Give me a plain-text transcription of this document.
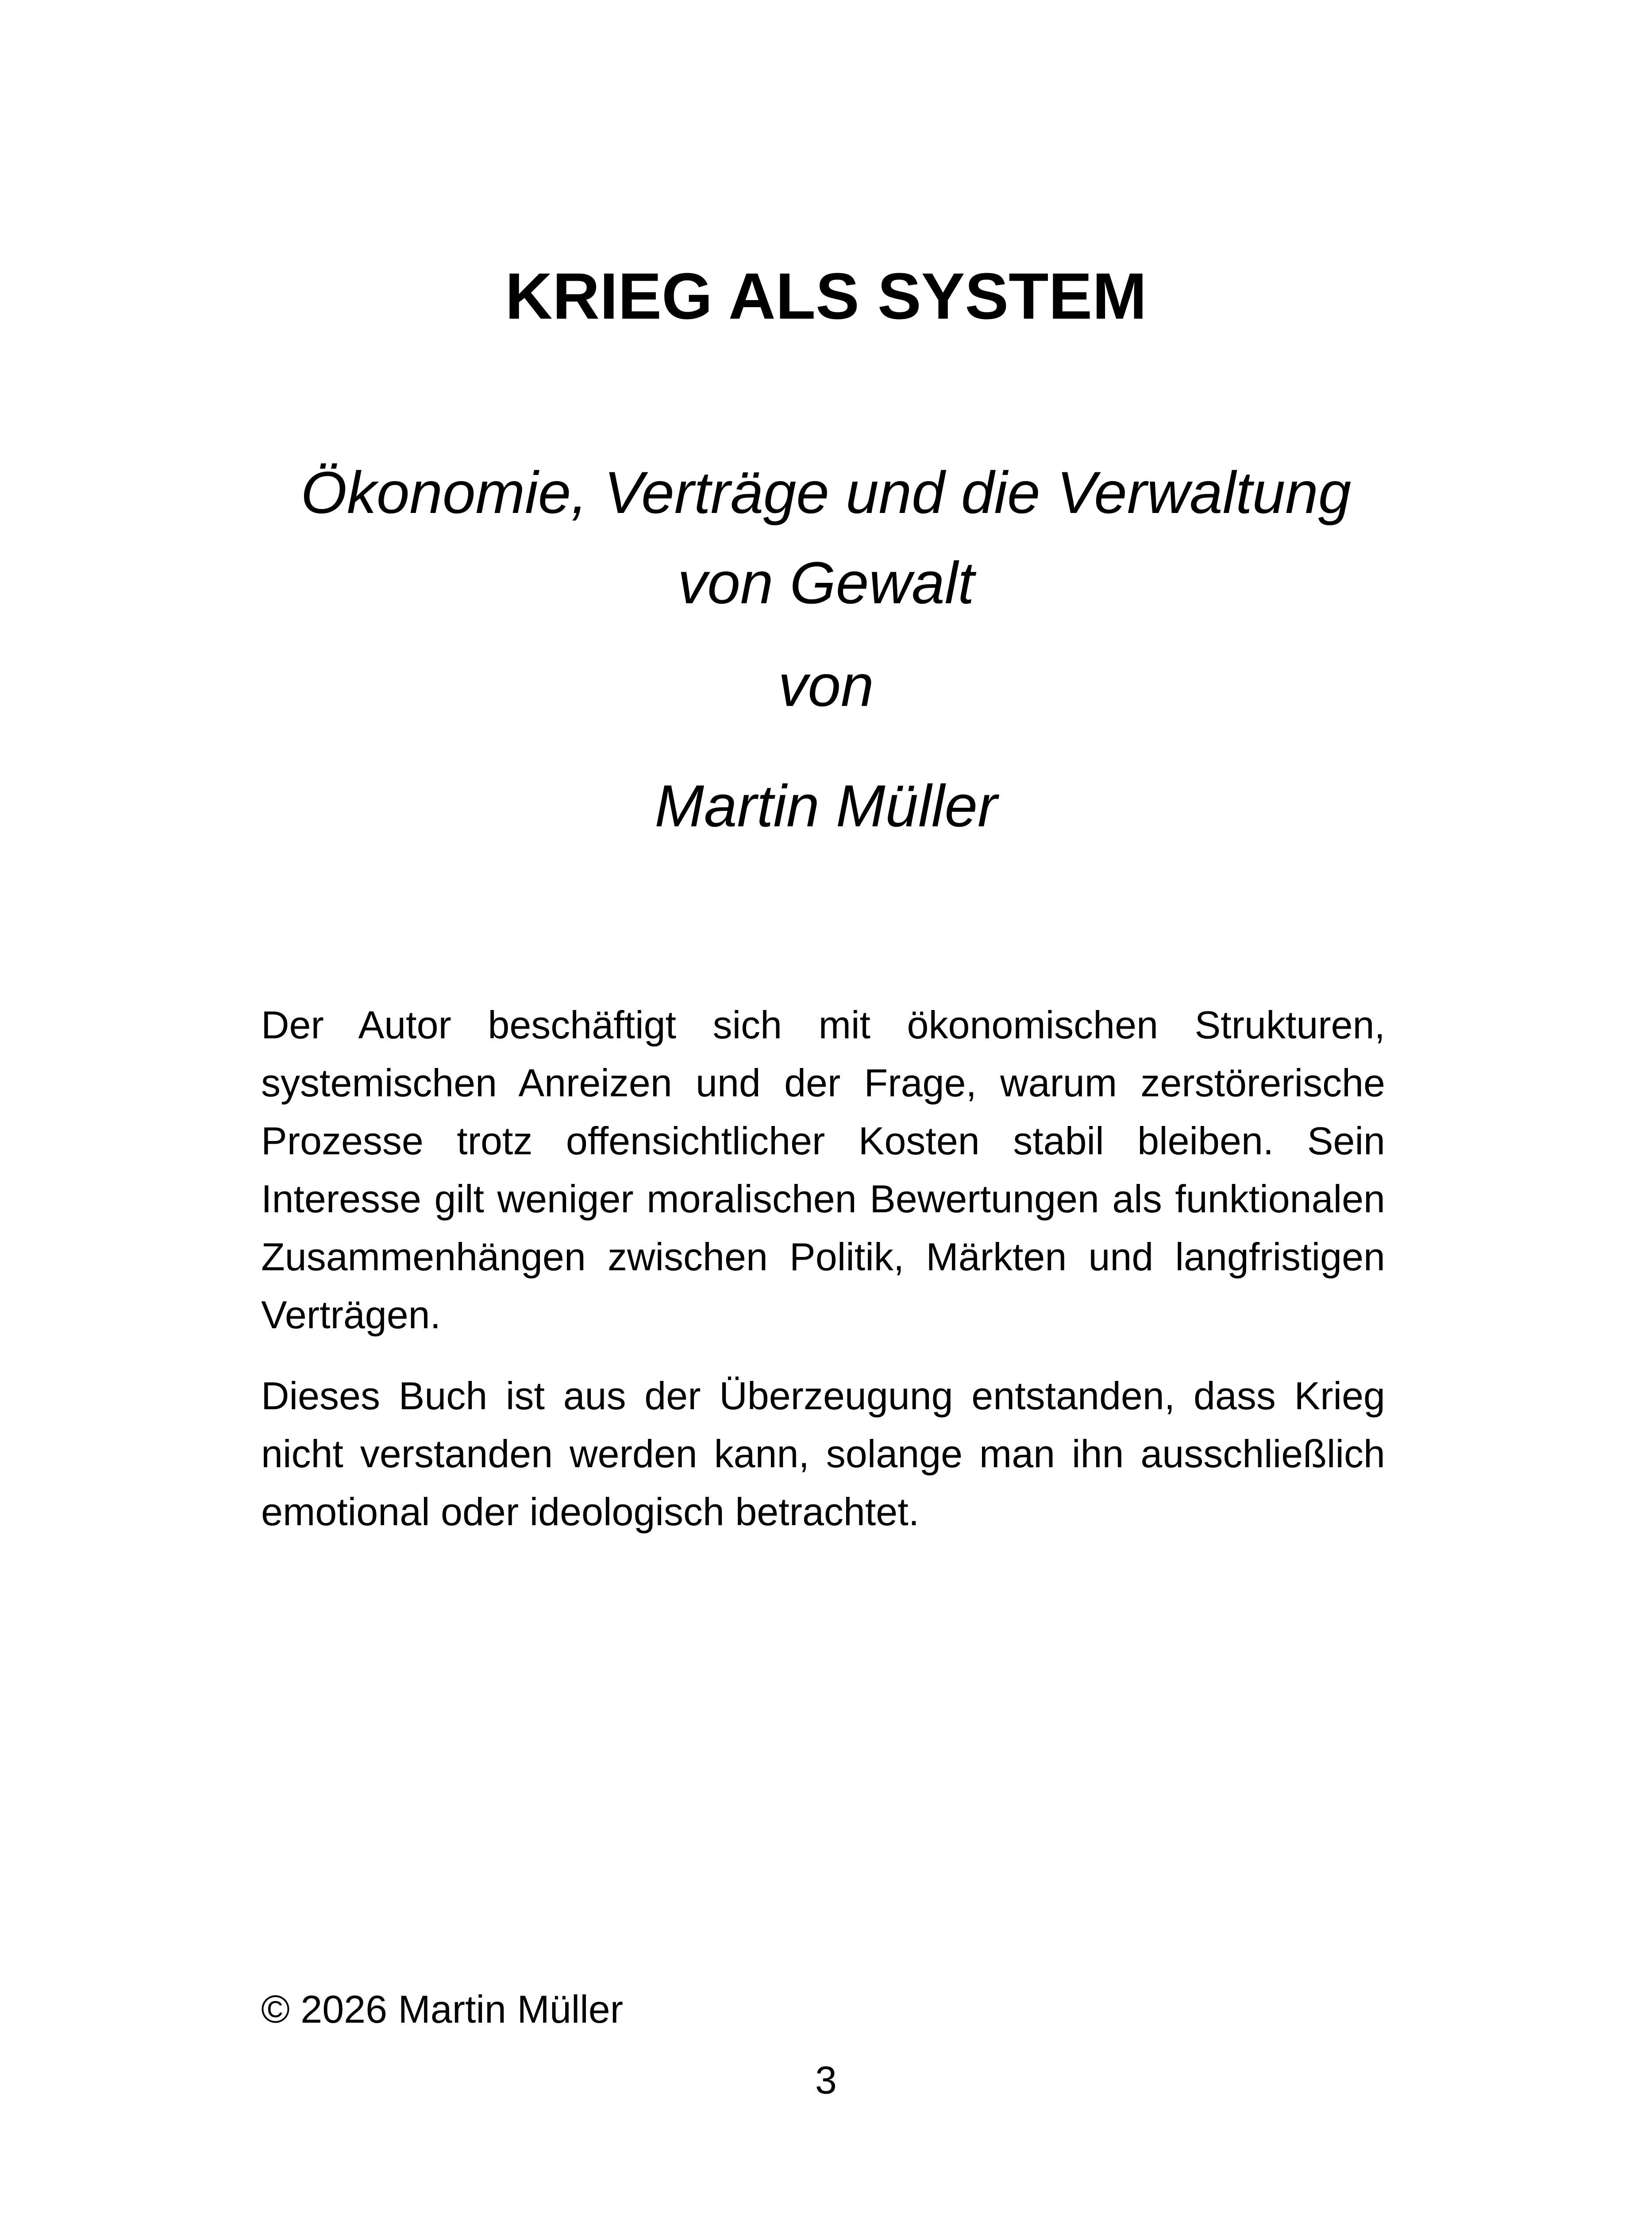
KRIEG ALS SYSTEM
Ökonomie, Verträge und die Verwaltung
von Gewalt
von
Martin Müller

Der Autor beschäftigt sich mit ökonomischen Strukturen, systemischen Anreizen und der Frage, warum zerstörerische Prozesse trotz offensichtlicher Kosten stabil bleiben. Sein Interesse gilt weniger moralischen Bewertungen als funktionalen Zusammenhängen zwischen Politik, Märkten und langfristigen Verträgen.

Dieses Buch ist aus der Überzeugung entstanden, dass Krieg nicht verstanden werden kann, solange man ihn ausschließlich emotional oder ideologisch betrachtet.

© 2026 Martin Müller
3
